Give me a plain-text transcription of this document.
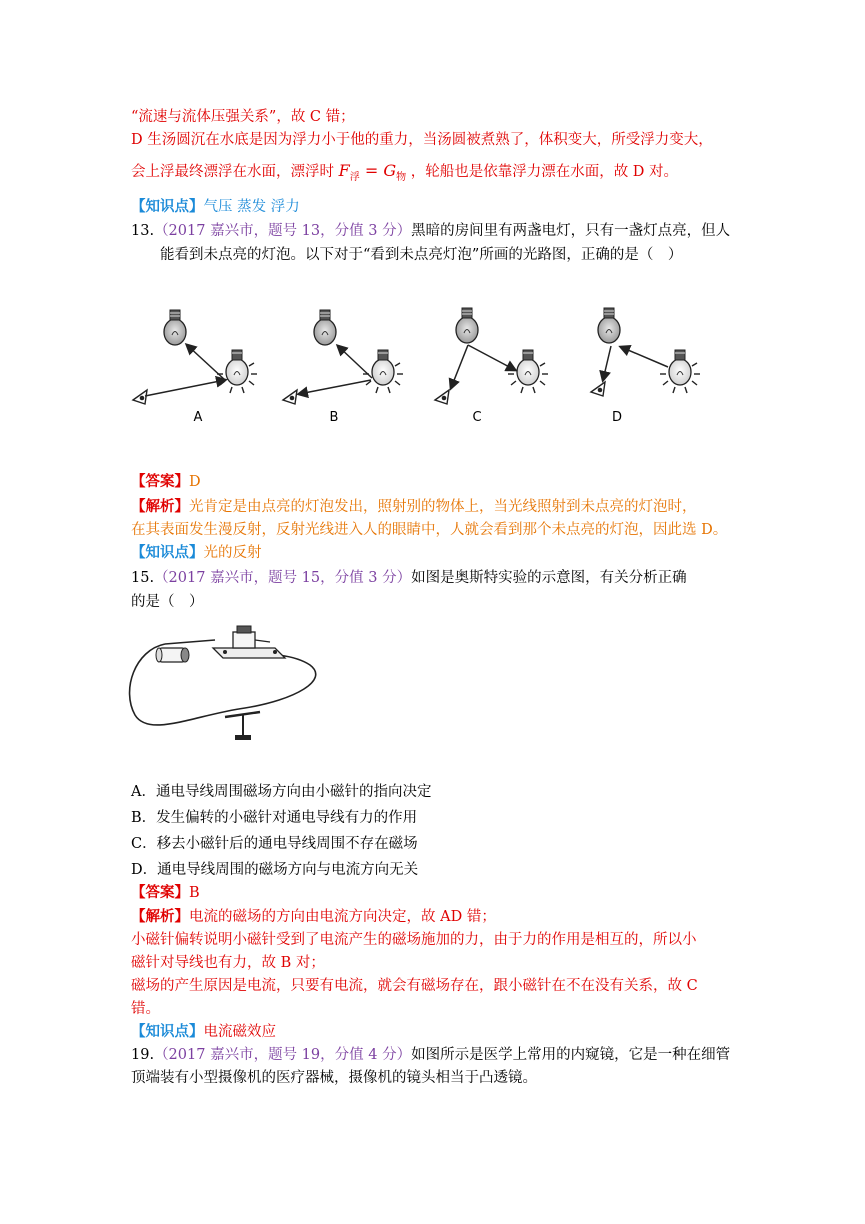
“流速与流体压强关系”，故 C 错；
D 生汤圆沉在水底是因为浮力小于他的重力，当汤圆被煮熟了，体积变大，所受浮力变大，
会上浮最终漂浮在水面，漂浮时 $F_浮 = G_物$ ，轮船也是依靠浮力漂在水面，故 D 对。
【知识点】气压 蒸发 浮力
13.（2017 嘉兴市，题号 13，分值 3 分）黑暗的房间里有两盏电灯，只有一盏灯点亮，但人
能看到未点亮的灯泡。以下对于“看到未点亮灯泡”所画的光路图，正确的是（　）
A	B	C	D
【答案】D
【解析】光肯定是由点亮的灯泡发出，照射别的物体上，当光线照射到未点亮的灯泡时，
在其表面发生漫反射，反射光线进入人的眼睛中，人就会看到那个未点亮的灯泡，因此选 D。
【知识点】光的反射
15.（2017 嘉兴市，题号 15，分值 3 分）如图是奥斯特实验的示意图，有关分析正确
的是（　）
A．通电导线周围磁场方向由小磁针的指向决定
B．发生偏转的小磁针对通电导线有力的作用
C．移去小磁针后的通电导线周围不存在磁场
D．通电导线周围的磁场方向与电流方向无关
【答案】B
【解析】电流的磁场的方向由电流方向决定，故 AD 错；
小磁针偏转说明小磁针受到了电流产生的磁场施加的力，由于力的作用是相互的，所以小
磁针对导线也有力，故 B 对；
磁场的产生原因是电流，只要有电流，就会有磁场存在，跟小磁针在不在没有关系，故 C
错。
【知识点】电流磁效应
19.（2017 嘉兴市，题号 19，分值 4 分）如图所示是医学上常用的内窥镜，它是一种在细管
顶端装有小型摄像机的医疗器械，摄像机的镜头相当于凸透镜。
